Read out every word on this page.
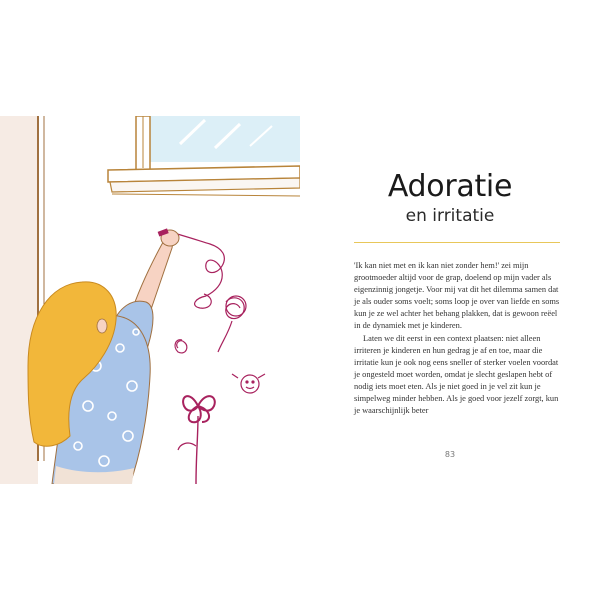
Adoratie
en irritatie

'Ik kan niet met en ik kan niet zonder hem!' zei mijn grootmoeder altijd voor de grap, doelend op mijn vader als eigenzinnig jongetje. Voor mij vat dit het dilemma samen dat je als ouder soms voelt; soms loop je over van liefde en soms kun je ze wel achter het behang plakken, dat is gewoon reëel in de dynamiek met je kinderen.

Laten we dit eerst in een context plaatsen: niet alleen irriteren je kinderen en hun gedrag je af en toe, maar die irritatie kun je ook nog eens sneller of sterker voelen voordat je ongesteld moet worden, omdat je slecht geslapen hebt of nodig iets moet eten. Als je niet goed in je vel zit kun je simpelweg minder hebben. Als je goed voor jezelf zorgt, kun je waarschijnlijk beter

83
